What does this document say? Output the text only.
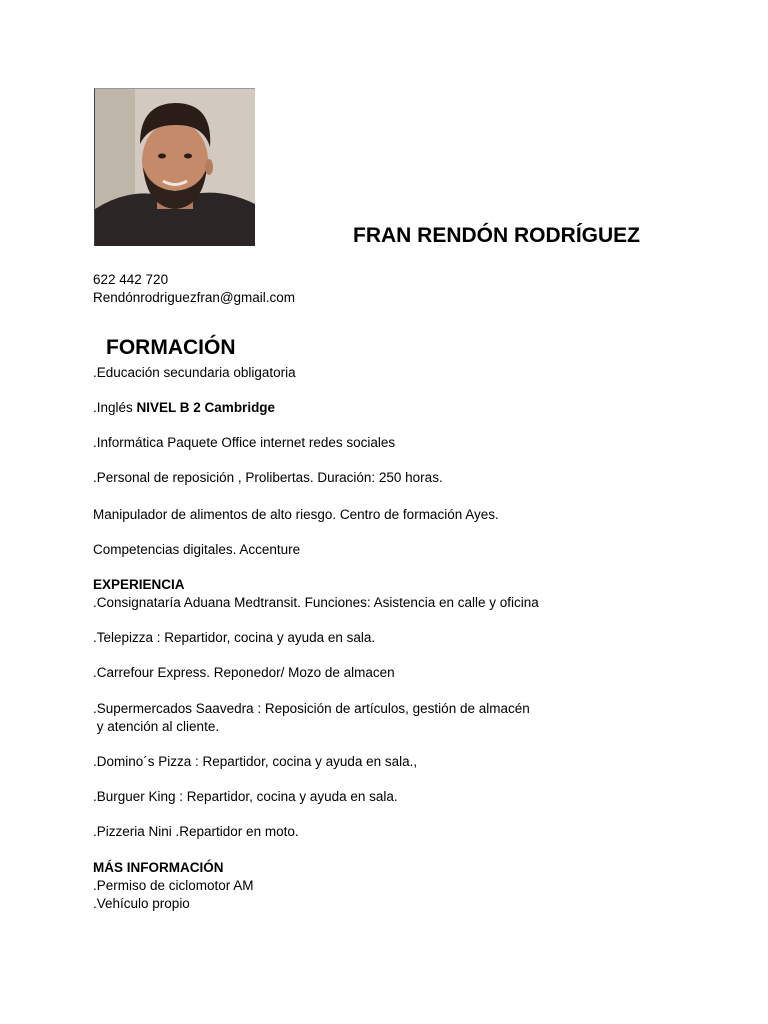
FRAN RENDÓN RODRÍGUEZ
622 442 720
Rendónrodriguezfran@gmail.com
FORMACIÓN
.Educación secundaria obligatoria
.Inglés NIVEL B 2 Cambridge
.Informática Paquete Office internet redes sociales
.Personal de reposición , Prolibertas. Duración: 250 horas.
Manipulador de alimentos de alto riesgo. Centro de formación Ayes.
Competencias digitales. Accenture
EXPERIENCIA
.Consignataría Aduana Medtransit. Funciones: Asistencia en calle y oficina
.Telepizza : Repartidor, cocina y ayuda en sala.
.Carrefour Express. Reponedor/ Mozo de almacen
.Supermercados Saavedra : Reposición de artículos, gestión de almacén
y atención al cliente.
.Domino´s Pizza : Repartidor, cocina y ayuda en sala.,
.Burguer King : Repartidor, cocina y ayuda en sala.
.Pizzeria Nini .Repartidor en moto.
MÁS INFORMACIÓN
.Permiso de ciclomotor AM
.Vehículo propio
